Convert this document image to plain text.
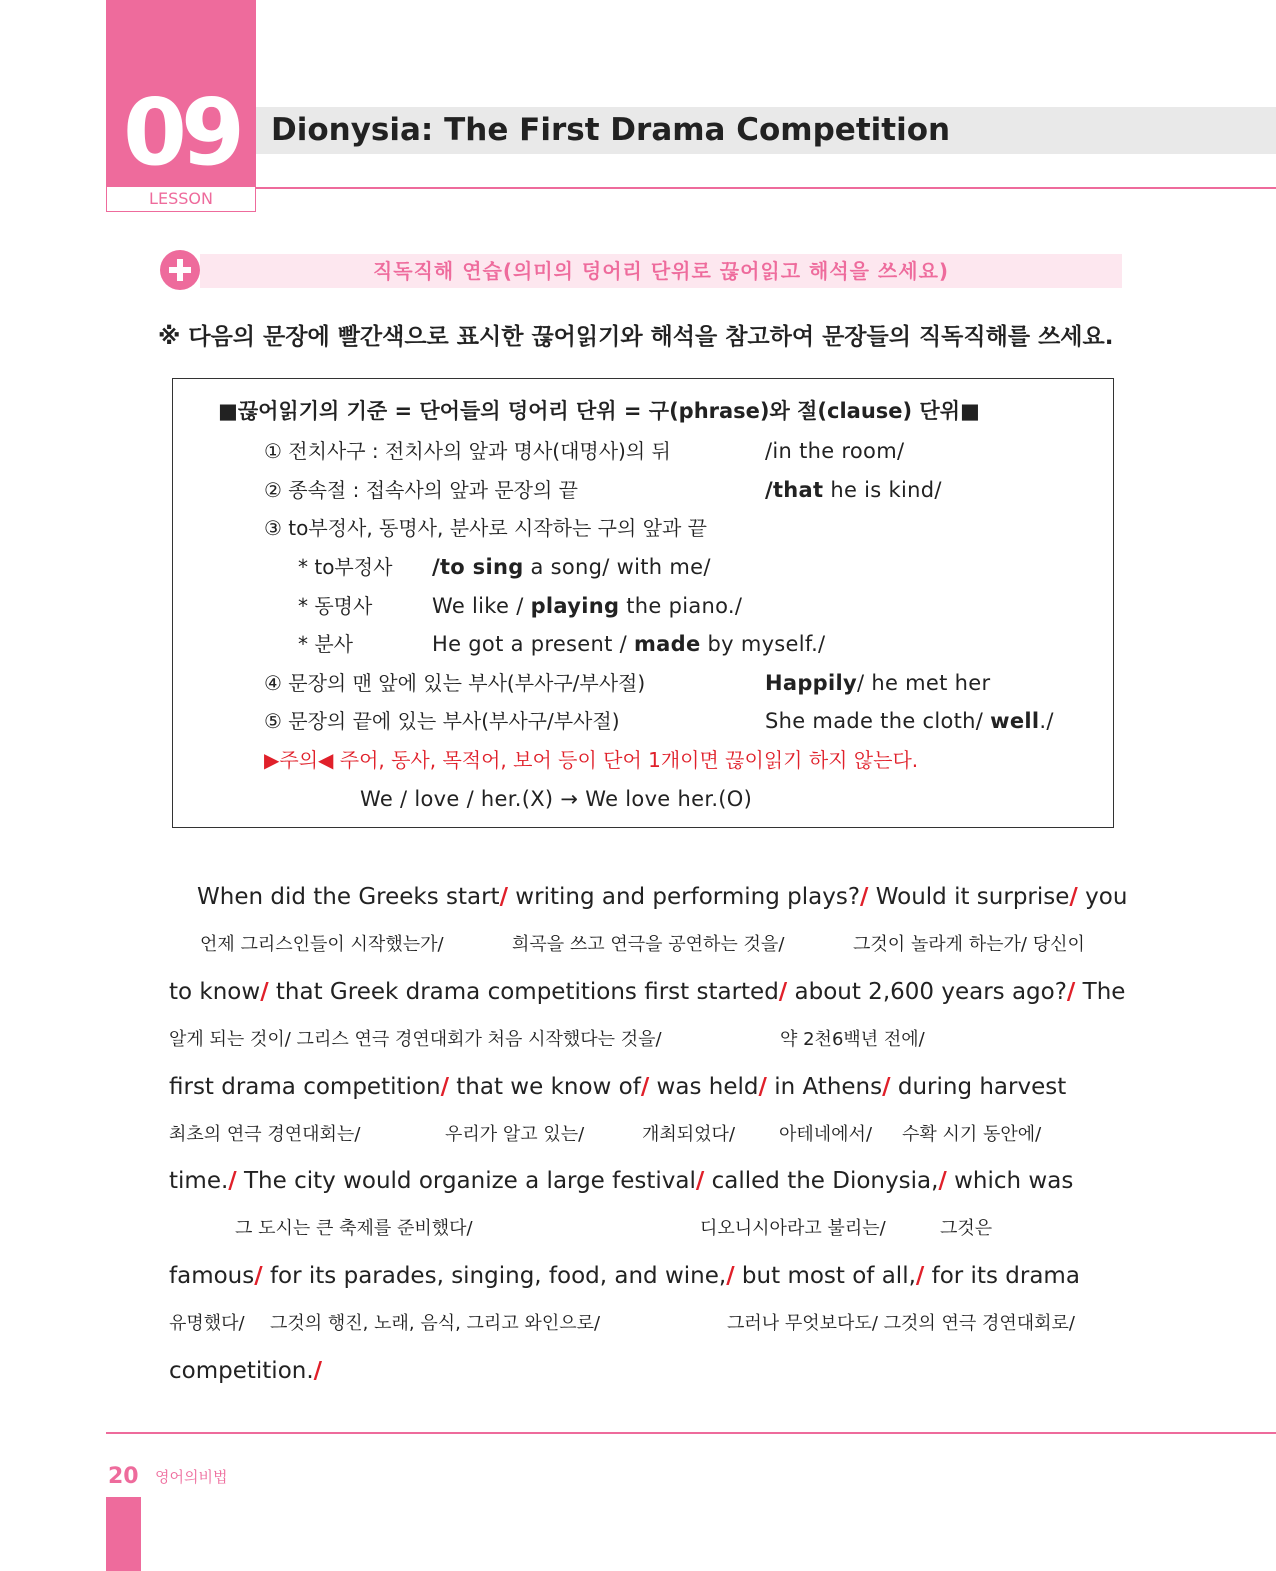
09
LESSON
Dionysia: The First Drama Competition
직독직해 연습(의미의 덩어리 단위로 끊어읽고 해석을 쓰세요)
※ 다음의 문장에 빨간색으로 표시한 끊어읽기와 해석을 참고하여 문장들의 직독직해를 쓰세요.
■끊어읽기의 기준 = 단어들의 덩어리 단위 = 구(phrase)와 절(clause) 단위■
① 전치사구 : 전치사의 앞과 명사(대명사)의 뒤	/in the room/
② 종속절 : 접속사의 앞과 문장의 끝	/that he is kind/
③ to부정사, 동명사, 분사로 시작하는 구의 앞과 끝
* to부정사 /to sing a song/ with me/
* 동명사	We like / playing the piano./
* 분사	He got a present / made by myself./
④ 문장의 맨 앞에 있는 부사(부사구/부사절)	Happily/ he met her
⑤ 문장의 끝에 있는 부사(부사구/부사절)	She made the cloth/ well./
▶주의◀ 주어, 동사, 목적어, 보어 등이 단어 1개이면 끊이읽기 하지 않는다.
We / love / her.(X) → We love her.(O)
When did the Greeks start/ writing and performing plays?/ Would it surprise/ you
언제 그리스인들이 시작했는가/	희곡을 쓰고 연극을 공연하는 것을/	그것이 놀라게 하는가/ 당신이
to know/ that Greek drama competitions first started/ about 2,600 years ago?/ The
알게 되는 것이/ 그리스 연극 경연대회가 처음 시작했다는 것을/	약 2천6백년 전에/
first drama competition/ that we know of/ was held/ in Athens/ during harvest
최초의 연극 경연대회는/	우리가 알고 있는/	개최되었다/ 아테네에서/ 수확 시기 동안에/
time./ The city would organize a large festival/ called the Dionysia,/ which was
그 도시는 큰 축제를 준비했다/	디오니시아라고 불리는/	그것은
famous/ for its parades, singing, food, and wine,/ but most of all,/ for its drama
유명했다/ 그것의 행진, 노래, 음식, 그리고 와인으로/	그러나 무엇보다도/ 그것의 연극 경연대회로/
competition./
20 영어의비법
